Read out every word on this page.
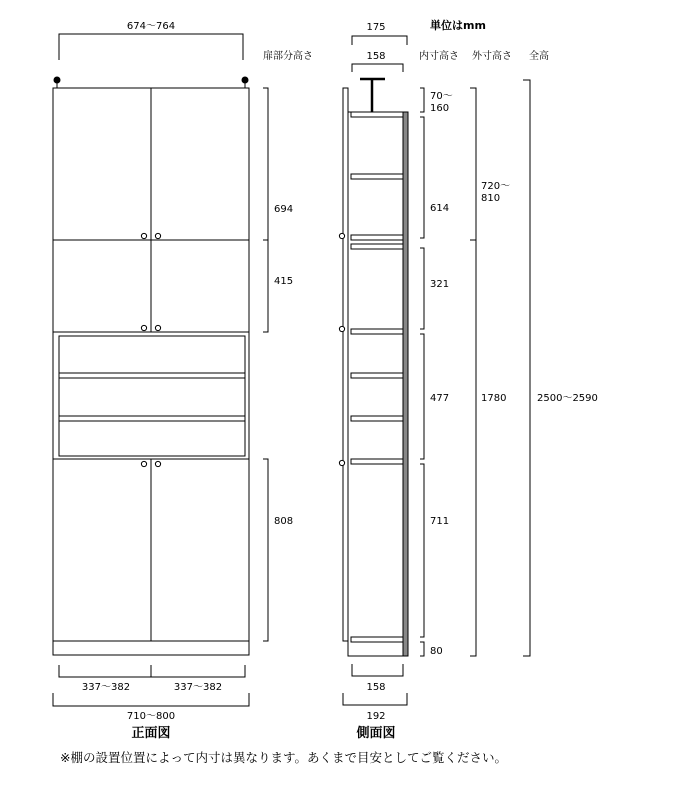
674～764
扉部分高さ
単位はmm
175
158	内寸高さ 外寸高さ 全高
694
415
808
70～ 160
614
321
477
711
80
720～ 810
1780	2500～2590
337～382	337～382
710～800
正面図
158
192
側面図
※棚の設置位置によって内寸は異なります。あくまで目安としてご覧ください。
